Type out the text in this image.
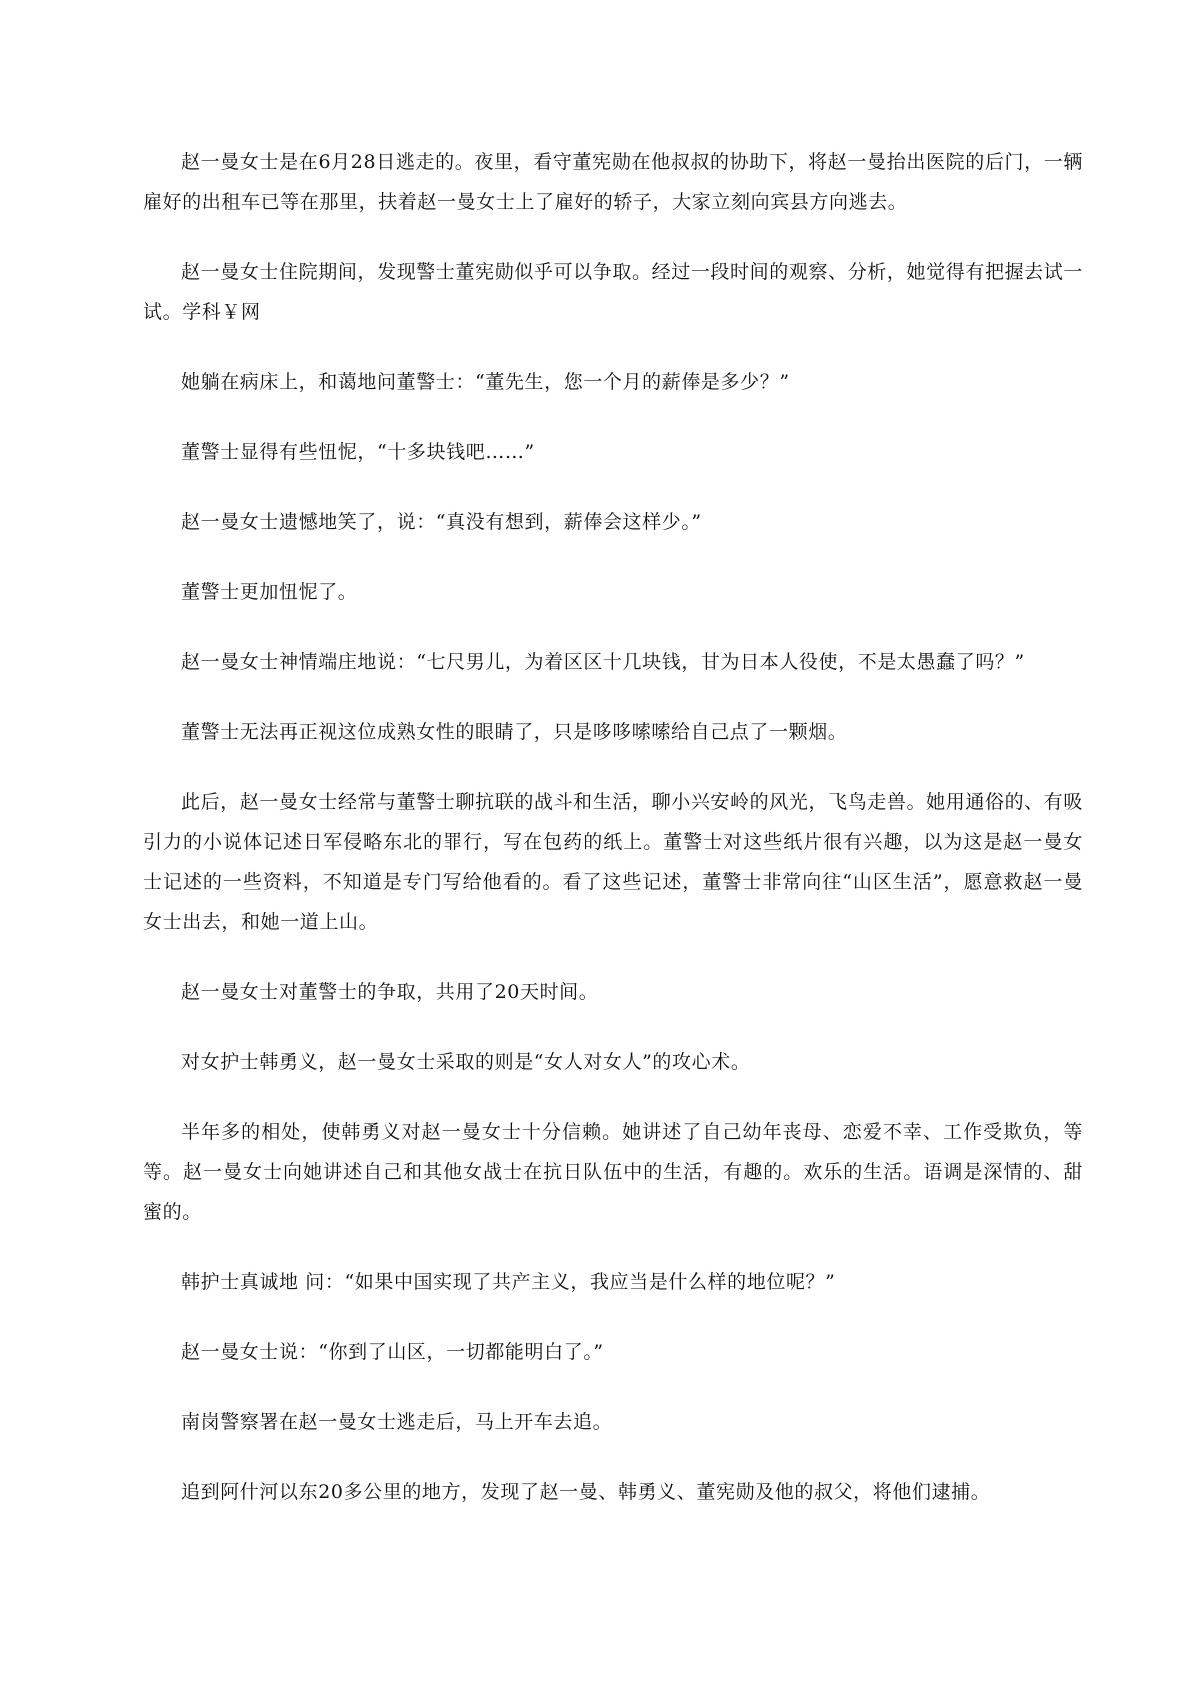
赵一曼女士是在6月28日逃走的。夜里，看守董宪勋在他叔叔的协助下，将赵一曼抬出医院的后门，一辆雇好的出租车已等在那里，扶着赵一曼女士上了雇好的轿子，大家立刻向宾县方向逃去。

赵一曼女士住院期间，发现警士董宪勋似乎可以争取。经过一段时间的观察、分析，她觉得有把握去试一试。学科￥网

她躺在病床上，和蔼地问董警士：“董先生，您一个月的薪俸是多少？”

董警士显得有些忸怩，“十多块钱吧……”

赵一曼女士遗憾地笑了，说：“真没有想到，薪俸会这样少。”

董警士更加忸怩了。

赵一曼女士神情端庄地说：“七尺男儿，为着区区十几块钱，甘为日本人役使，不是太愚蠢了吗？”

董警士无法再正视这位成熟女性的眼睛了，只是哆哆嗦嗦给自己点了一颗烟。

此后，赵一曼女士经常与董警士聊抗联的战斗和生活，聊小兴安岭的风光，飞鸟走兽。她用通俗的、有吸引力的小说体记述日军侵略东北的罪行，写在包药的纸上。董警士对这些纸片很有兴趣，以为这是赵一曼女士记述的一些资料，不知道是专门写给他看的。看了这些记述，董警士非常向往“山区生活”，愿意救赵一曼女士出去，和她一道上山。

赵一曼女士对董警士的争取，共用了20天时间。

对女护士韩勇义，赵一曼女士采取的则是“女人对女人”的攻心术。

半年多的相处，使韩勇义对赵一曼女士十分信赖。她讲述了自己幼年丧母、恋爱不幸、工作受欺负，等等。赵一曼女士向她讲述自己和其他女战士在抗日队伍中的生活，有趣的。欢乐的生活。语调是深情的、甜蜜的。

韩护士真诚地 问：“如果中国实现了共产主义，我应当是什么样的地位呢？”

赵一曼女士说：“你到了山区，一切都能明白了。”

南岗警察署在赵一曼女士逃走后，马上开车去追。

追到阿什河以东20多公里的地方，发现了赵一曼、韩勇义、董宪勋及他的叔父，将他们逮捕。
